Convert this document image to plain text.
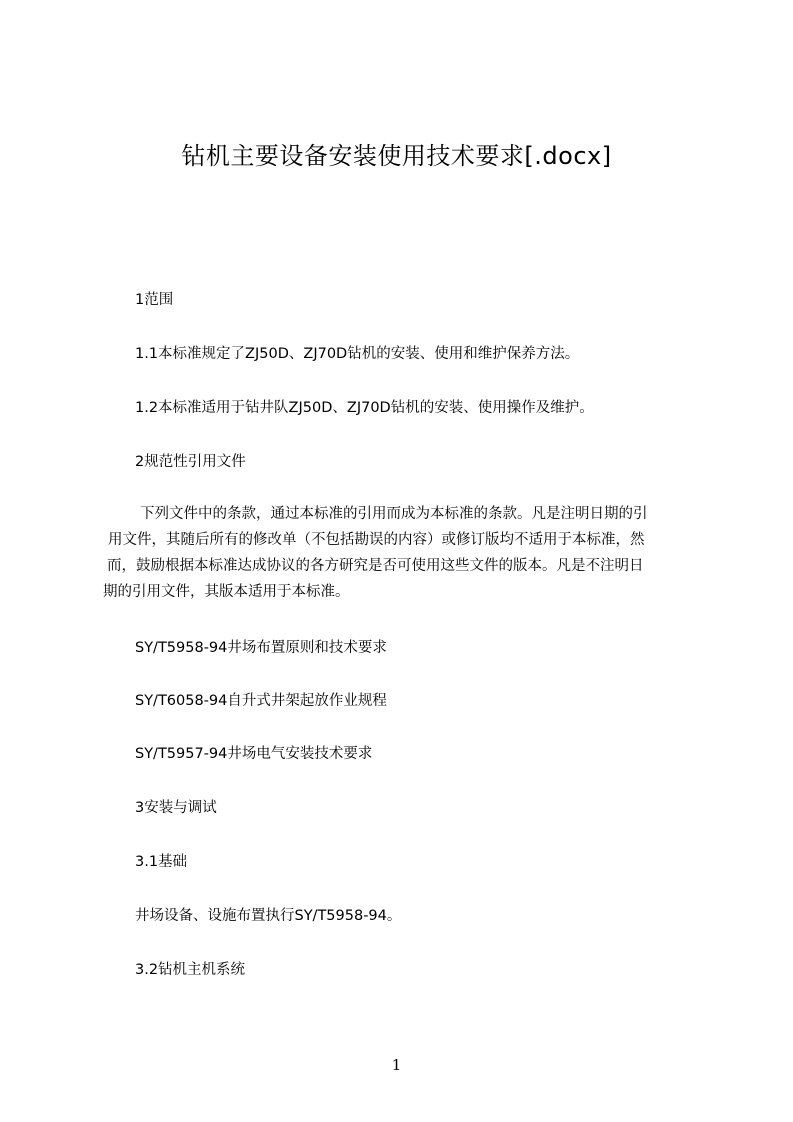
钻机主要设备安装使用技术要求[.docx]

1范围

1.1本标准规定了ZJ50D、ZJ70D钻机的安装、使用和维护保养方法。

1.2本标准适用于钻井队ZJ50D、ZJ70D钻机的安装、使用操作及维护。

2规范性引用文件

下列文件中的条款，通过本标准的引用而成为本标准的条款。凡是注明日期的引
用文件，其随后所有的修改单（不包括勘误的内容）或修订版均不适用于本标准，然
而，鼓励根据本标准达成协议的各方研究是否可使用这些文件的版本。凡是不注明日
期的引用文件，其版本适用于本标准。

SY/T5958-94井场布置原则和技术要求

SY/T6058-94自升式井架起放作业规程

SY/T5957-94井场电气安装技术要求

3安装与调试

3.1基础

井场设备、设施布置执行SY/T5958-94。

3.2钻机主机系统

1
